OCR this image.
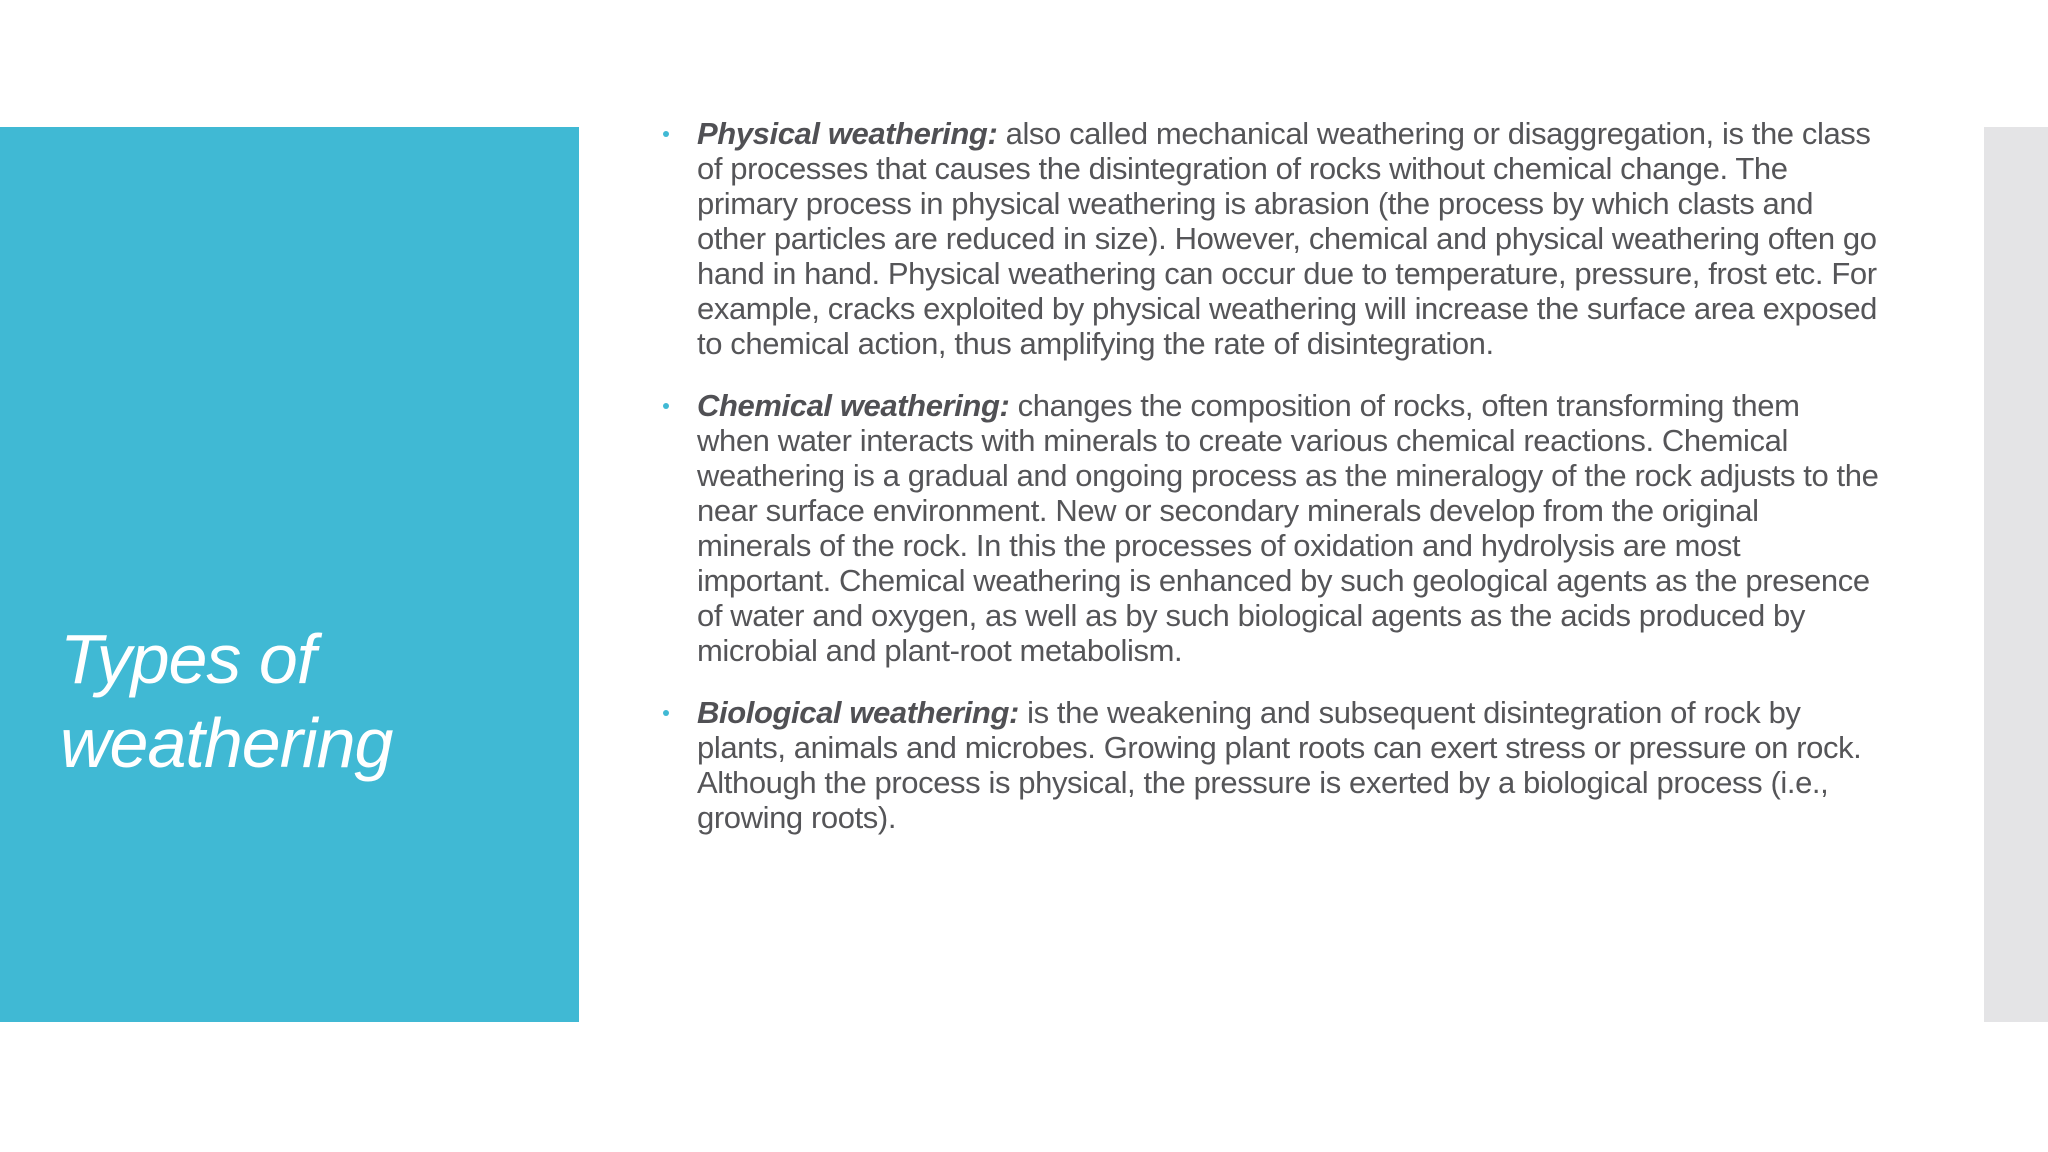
Types of
weathering
Physical weathering: also called mechanical weathering or disaggregation, is the class of processes that causes the disintegration of rocks without chemical change. The primary process in physical weathering is abrasion (the process by which clasts and other particles are reduced in size). However, chemical and physical weathering often go hand in hand. Physical weathering can occur due to temperature, pressure, frost etc. For example, cracks exploited by physical weathering will increase the surface area exposed to chemical action, thus amplifying the rate of disintegration.
Chemical weathering: changes the composition of rocks, often transforming them when water interacts with minerals to create various chemical reactions. Chemical weathering is a gradual and ongoing process as the mineralogy of the rock adjusts to the near surface environment. New or secondary minerals develop from the original minerals of the rock. In this the processes of oxidation and hydrolysis are most important. Chemical weathering is enhanced by such geological agents as the presence of water and oxygen, as well as by such biological agents as the acids produced by microbial and plant-root metabolism.
Biological weathering: is the weakening and subsequent disintegration of rock by plants, animals and microbes. Growing plant roots can exert stress or pressure on rock. Although the process is physical, the pressure is exerted by a biological process (i.e., growing roots).
